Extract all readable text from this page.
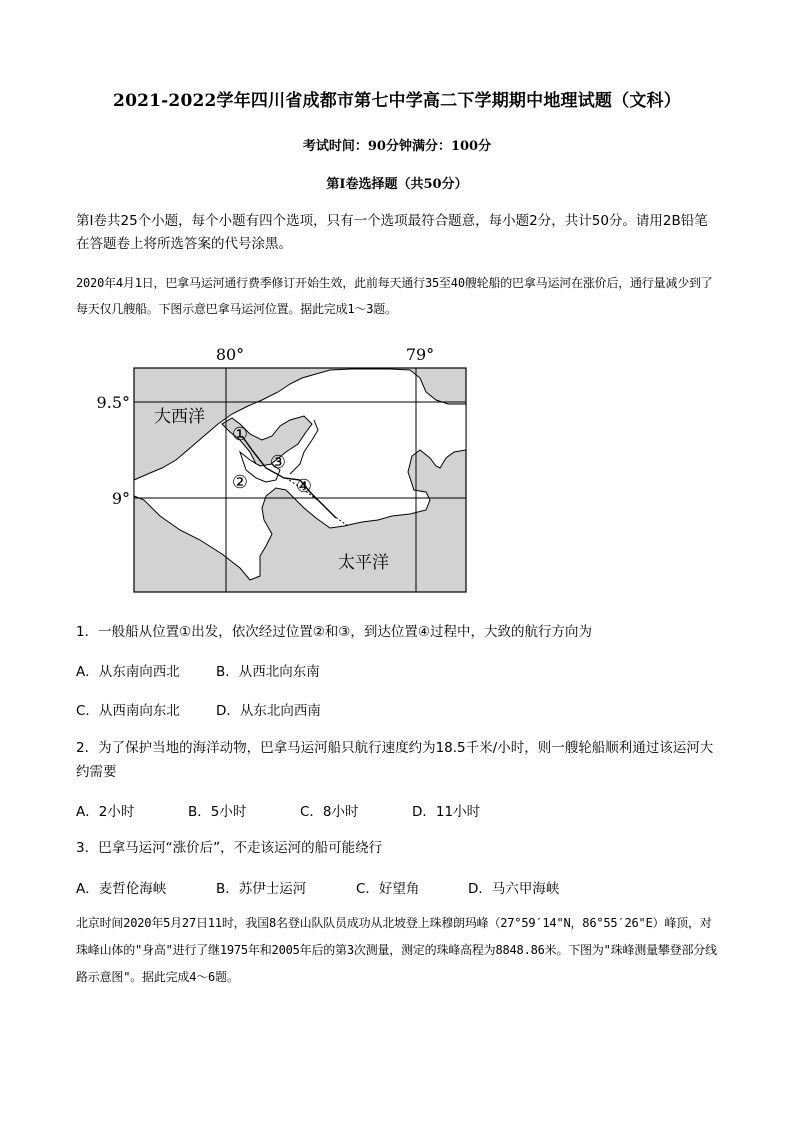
2021-2022学年四川省成都市第七中学高二下学期期中地理试题（文科）
考试时间：90分钟满分：100分
第Ⅰ卷选择题（共50分）
第Ⅰ卷共25个小题，每个小题有四个选项，只有一个选项最符合题意，每小题2分，共计50分。请用2B铅笔在答题卷上将所选答案的代号涂黑。
2020年4月1日，巴拿马运河通行费季修订开始生效，此前每天通行35至40艘轮船的巴拿马运河在涨价后，通行量减少到了每天仅几艘船。下图示意巴拿马运河位置。据此完成1～3题。
80°	79°
9.5°
9°
大西洋
太平洋
①
②
③
④
1．一般船从位置①出发，依次经过位置②和③，到达位置④过程中，大致的航行方向为
A．从东南向西北	B．从西北向东南
C．从西南向东北	D．从东北向西南
2．为了保护当地的海洋动物，巴拿马运河船只航行速度约为18.5千米/小时，则一艘轮船顺利通过该运河大约需要
A．2小时	B．5小时	C．8小时	D．11小时
3．巴拿马运河“涨价后”，不走该运河的船可能绕行
A．麦哲伦海峡	B．苏伊士运河	C．好望角	D．马六甲海峡
北京时间2020年5月27日11时，我国8名登山队队员成功从北坡登上珠穆朗玛峰（27°59′14"N，86°55′26"E）峰顶，对珠峰山体的"身高"进行了继1975年和2005年后的第3次测量，测定的珠峰高程为8848.86米。下图为"珠峰测量攀登部分线路示意图"。据此完成4～6题。
